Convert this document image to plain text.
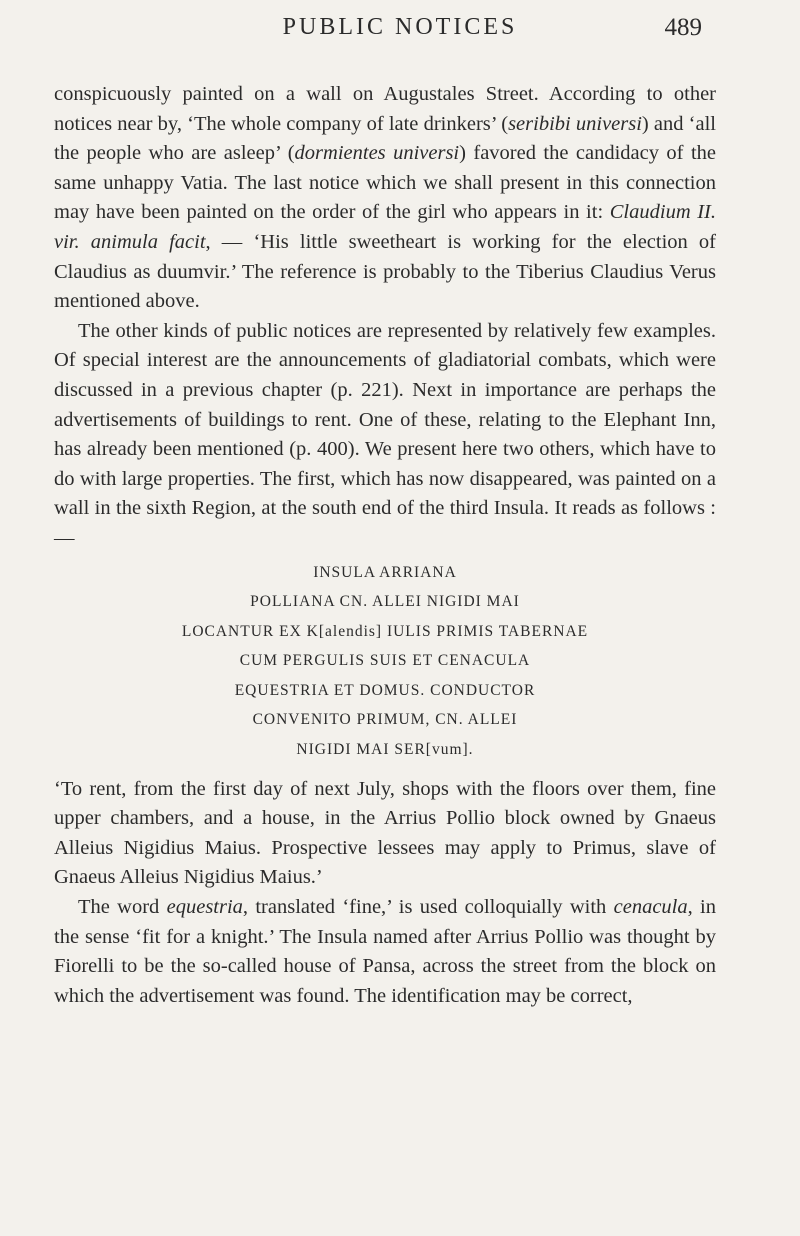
PUBLIC NOTICES	489

conspicuously painted on a wall on Augustales Street. According to other notices near by, ‘The whole company of late drinkers’ (seribibi universi) and ‘all the people who are asleep’ (dormientes universi) favored the candidacy of the same unhappy Vatia. The last notice which we shall present in this connection may have been painted on the order of the girl who appears in it: Claudium II. vir. animula facit, — ‘His little sweetheart is working for the election of Claudius as duumvir.’ The reference is probably to the Tiberius Claudius Verus mentioned above.

The other kinds of public notices are represented by relatively few examples. Of special interest are the announcements of gladiatorial combats, which were discussed in a previous chapter (p. 221). Next in importance are perhaps the advertisements of buildings to rent. One of these, relating to the Elephant Inn, has already been mentioned (p. 400). We present here two others, which have to do with large properties. The first, which has now disappeared, was painted on a wall in the sixth Region, at the south end of the third Insula. It reads as follows : —

INSULA ARRIANA
POLLIANA CN. ALLEI NIGIDI MAI
LOCANTUR EX K[alendis] IULIS PRIMIS TABERNAE
CUM PERGULIS SUIS ET CENACULA
EQUESTRIA ET DOMUS. CONDUCTOR
CONVENITO PRIMUM, CN. ALLEI
NIGIDI MAI SER[vum].

‘To rent, from the first day of next July, shops with the floors over them, fine upper chambers, and a house, in the Arrius Pollio block owned by Gnaeus Alleius Nigidius Maius. Prospective lessees may apply to Primus, slave of Gnaeus Alleius Nigidius Maius.’

The word equestria, translated ‘fine,’ is used colloquially with cenacula, in the sense ‘fit for a knight.’ The Insula named after Arrius Pollio was thought by Fiorelli to be the so-called house of Pansa, across the street from the block on which the advertisement was found. The identification may be correct,
